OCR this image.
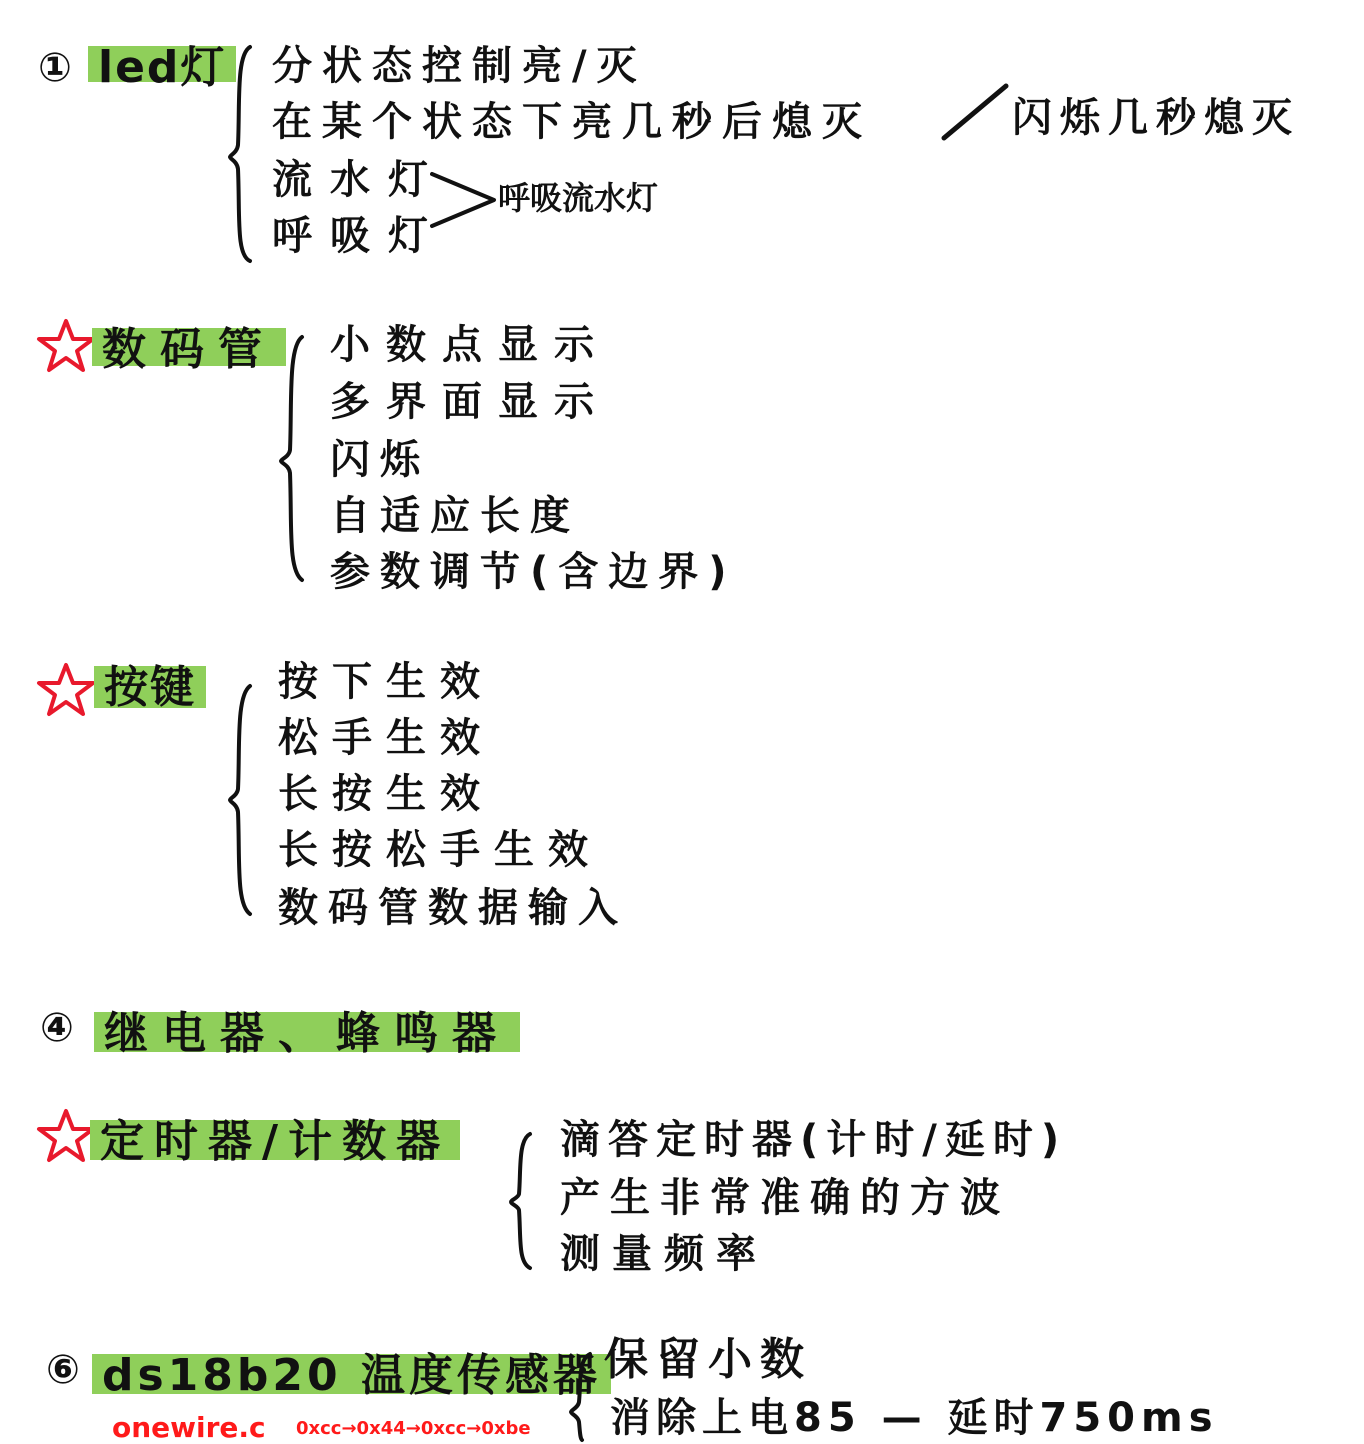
① led灯 分状态控制亮/灭
在某个状态下亮几秒后熄灭	闪烁几秒熄灭
流水灯
呼吸灯
呼吸流水灯
数码管 小数点显示
多界面显示
闪烁
自适应长度
参数调节(含边界)
按键 按下生效
松手生效
长按生效
长按松手生效
数码管数据输入
④ 继电器、蜂鸣器
定时器/计数器	滴答定时器(计时/延时)
产生非常准确的方波
测量频率
⑥ ds18b20 温度传感器 保留小数
消除上电85 — 延时750ms
onewire.c 0xcc→0x44→0xcc→0xbe
